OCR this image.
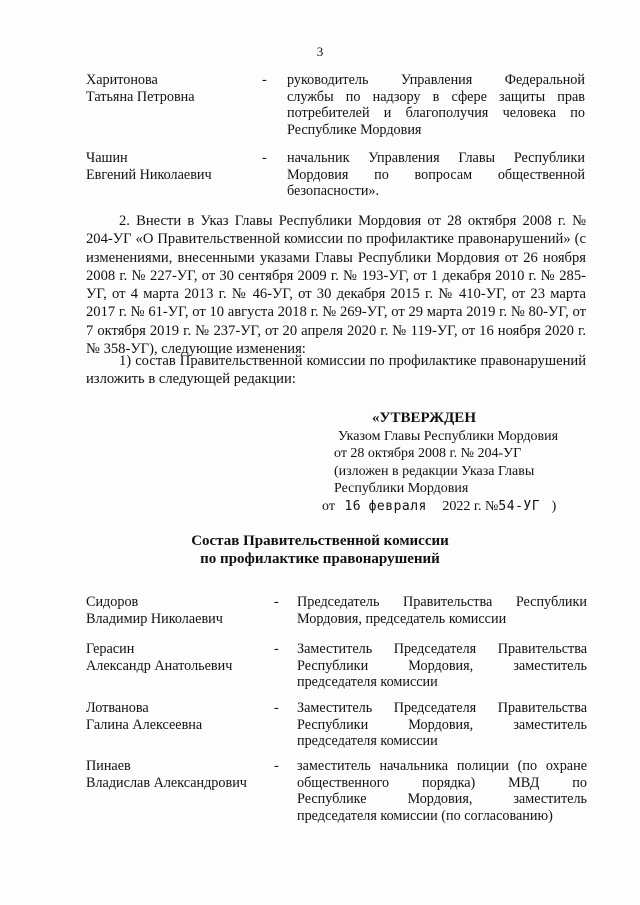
3
Харитонова
Татьяна Петровна
- руководитель Управления Федеральной
службы по надзору в сфере защиты прав
потребителей и благополучия человека по
Республике Мордовия
Чашин
Евгений Николаевич
- начальник Управления Главы Республики
Мордовия по вопросам общественной
безопасности».
2. Внести в Указ Главы Республики Мордовия от 28 октября 2008 г. № 204-УГ «О Правительственной комиссии по профилактике правонарушений» (с изменениями, внесенными указами Главы Республики Мордовия от 26 ноября 2008 г. № 227-УГ, от 30 сентября 2009 г. № 193-УГ, от 1 декабря 2010 г. № 285-УГ, от 4 марта 2013 г. № 46-УГ, от 30 декабря 2015 г. № 410-УГ, от 23 марта 2017 г. № 61-УГ, от 10 августа 2018 г. № 269-УГ, от 29 марта 2019 г. № 80-УГ, от 7 октября 2019 г. № 237-УГ, от 20 апреля 2020 г. № 119-УГ, от 16 ноября 2020 г. № 358-УГ), следующие изменения:
1) состав Правительственной комиссии по профилактике правонарушений изложить в следующей редакции:
«УТВЕРЖДЕН
Указом Главы Республики Мордовия
от 28 октября 2008 г. № 204-УГ
(изложен в редакции Указа Главы
Республики Мордовия
от 16 февраля 2022 г. №54-УГ )
Состав Правительственной комиссии
по профилактике правонарушений
Сидоров
Владимир Николаевич
- Председатель Правительства Республики
Мордовия, председатель комиссии
Герасин
Александр Анатольевич
- Заместитель Председателя Правительства
Республики Мордовия, заместитель
председателя комиссии
Лотванова
Галина Алексеевна
- Заместитель Председателя Правительства
Республики Мордовия, заместитель
председателя комиссии
Пинаев
Владислав Александрович
- заместитель начальника полиции (по охране
общественного порядка) МВД по
Республике Мордовия, заместитель
председателя комиссии (по согласованию)
